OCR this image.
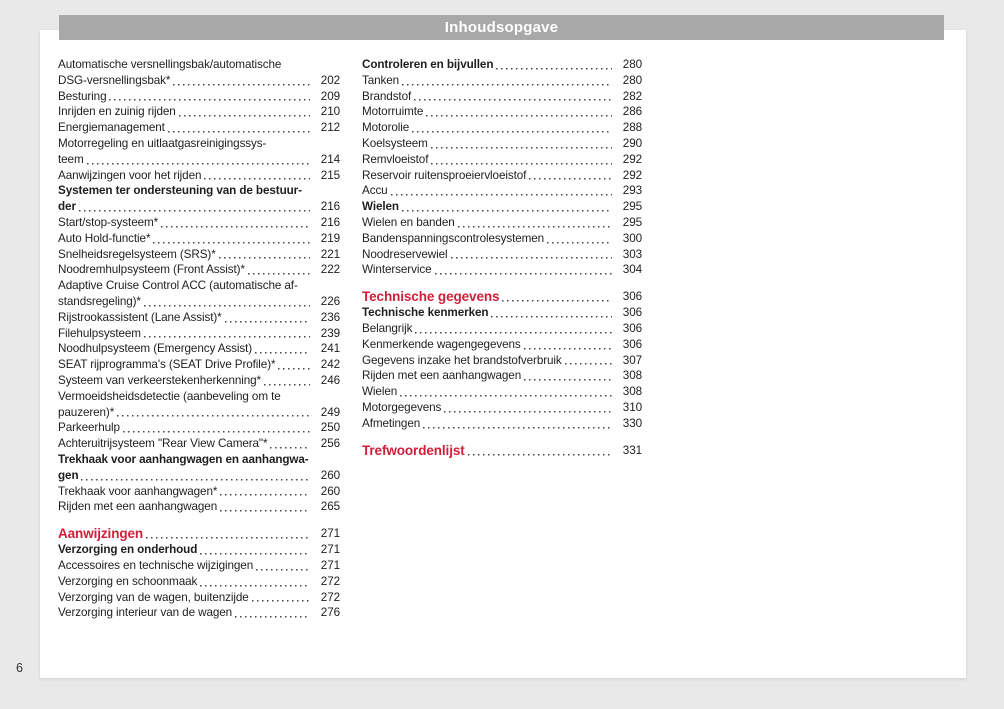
Inhoudsopgave
Automatische versnellingsbak/automatische
DSG-versnellingsbak*	202
Besturing	209
Inrijden en zuinig rijden	210
Energiemanagement	212
Motorregeling en uitlaatgasreinigingssys-
teem	214
Aanwijzingen voor het rijden	215
Systemen ter ondersteuning van de bestuur-
der	216
Start/stop-systeem*	216
Auto Hold-functie*	219
Snelheidsregelsysteem (SRS)*	221
Noodremhulpsysteem (Front Assist)*	222
Adaptive Cruise Control ACC (automatische af-
standsregeling)*	226
Rijstrookassistent (Lane Assist)*	236
Filehulpsysteem	239
Noodhulpsysteem (Emergency Assist)	241
SEAT rijprogramma's (SEAT Drive Profile)*	242
Systeem van verkeerstekenherkenning*	246
Vermoeidsheidsdetectie (aanbeveling om te
pauzeren)*	249
Parkeerhulp	250
Achteruitrijsysteem "Rear View Camera"*	256
Trekhaak voor aanhangwagen en aanhangwa-
gen	260
Trekhaak voor aanhangwagen*	260
Rijden met een aanhangwagen	265
Aanwijzingen	271
Verzorging en onderhoud	271
Accessoires en technische wijzigingen	271
Verzorging en schoonmaak	272
Verzorging van de wagen, buitenzijde	272
Verzorging interieur van de wagen	276
Controleren en bijvullen	280
Tanken	280
Brandstof	282
Motorruimte	286
Motorolie	288
Koelsysteem	290
Remvloeistof	292
Reservoir ruitensproeiervloeistof	292
Accu	293
Wielen	295
Wielen en banden	295
Bandenspanningscontrolesystemen	300
Noodreservewiel	303
Winterservice	304
Technische gegevens	306
Technische kenmerken	306
Belangrijk	306
Kenmerkende wagengegevens	306
Gegevens inzake het brandstofverbruik	307
Rijden met een aanhangwagen	308
Wielen	308
Motorgegevens	310
Afmetingen	330
Trefwoordenlijst	331
6
